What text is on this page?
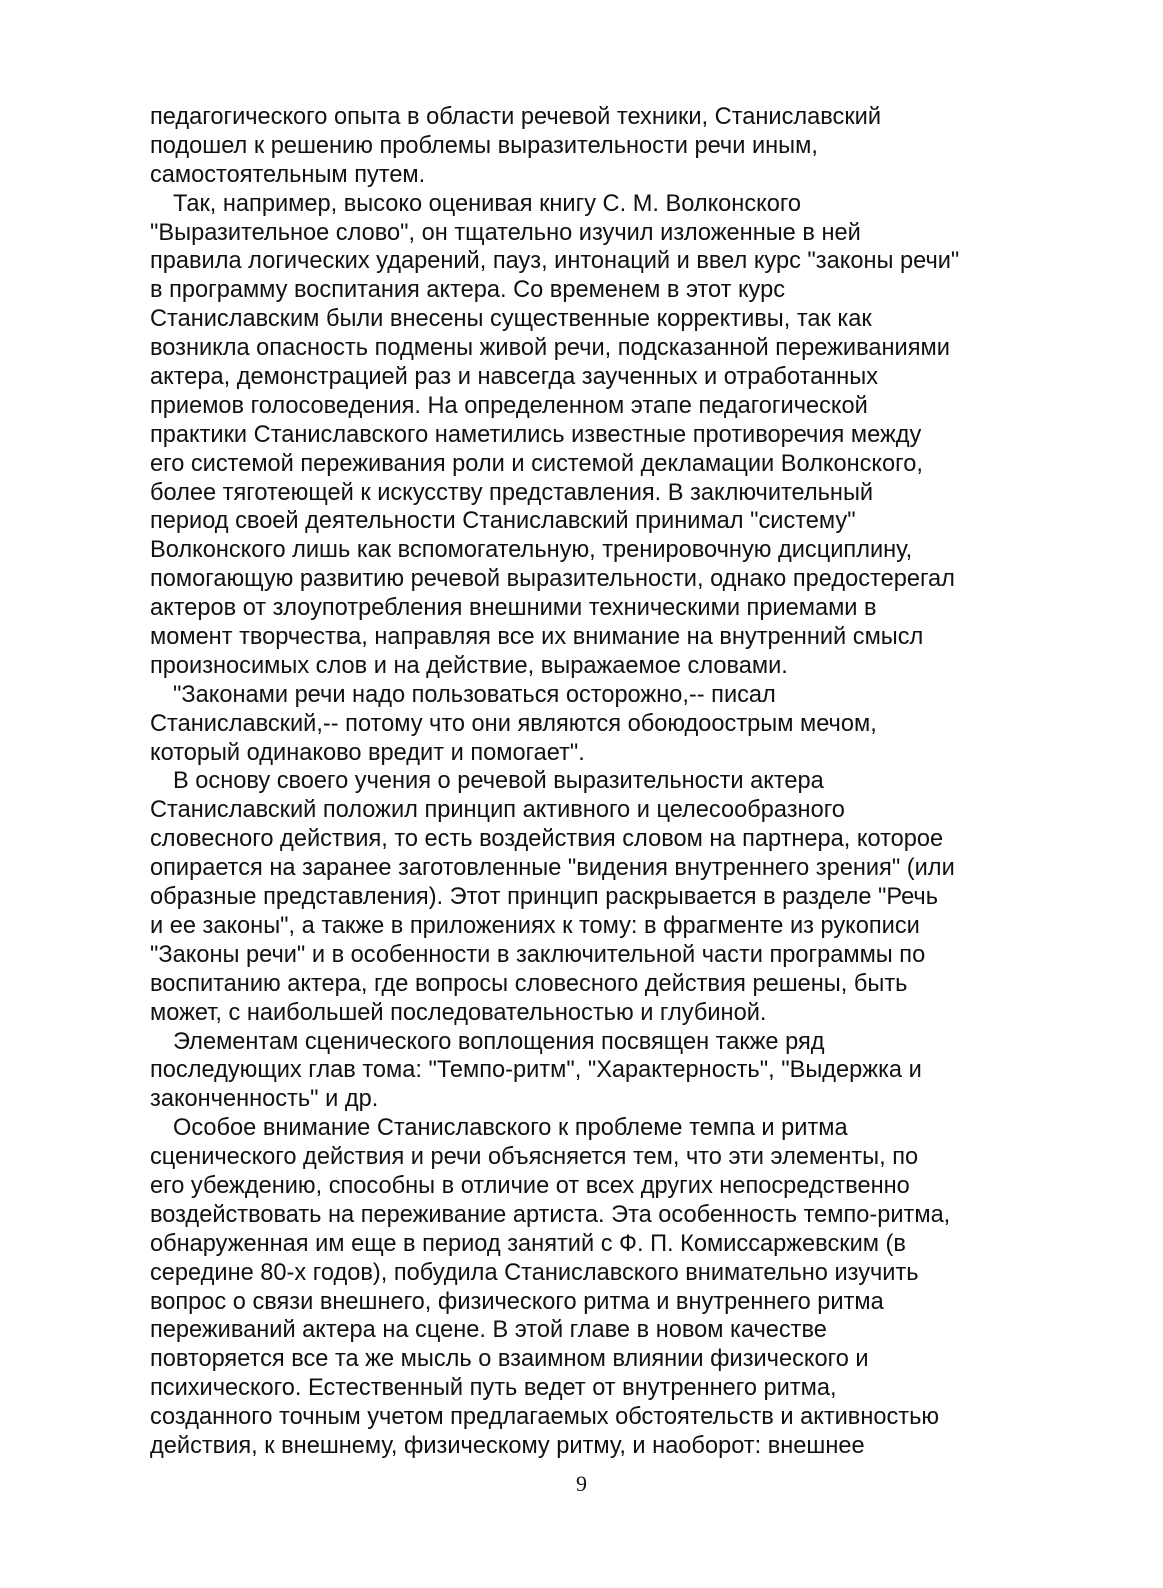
педагогического опыта в области речевой техники, Станиславский
подошел к решению проблемы выразительности речи иным,
самостоятельным путем.
Так, например, высоко оценивая книгу С. М. Волконского
"Выразительное слово", он тщательно изучил изложенные в ней
правила логических ударений, пауз, интонаций и ввел курс "законы речи"
в программу воспитания актера. Со временем в этот курс
Станиславским были внесены существенные коррективы, так как
возникла опасность подмены живой речи, подсказанной переживаниями
актера, демонстрацией раз и навсегда заученных и отработанных
приемов голосоведения. На определенном этапе педагогической
практики Станиславского наметились известные противоречия между
его системой переживания роли и системой декламации Волконского,
более тяготеющей к искусству представления. В заключительный
период своей деятельности Станиславский принимал "систему"
Волконского лишь как вспомогательную, тренировочную дисциплину,
помогающую развитию речевой выразительности, однако предостерегал
актеров от злоупотребления внешними техническими приемами в
момент творчества, направляя все их внимание на внутренний смысл
произносимых слов и на действие, выражаемое словами.
"Законами речи надо пользоваться осторожно,-- писал
Станиславский,-- потому что они являются обоюдоострым мечом,
который одинаково вредит и помогает".
В основу своего учения о речевой выразительности актера
Станиславский положил принцип активного и целесообразного
словесного действия, то есть воздействия словом на партнера, которое
опирается на заранее заготовленные "видения внутреннего зрения" (или
образные представления). Этот принцип раскрывается в разделе "Речь
и ее законы", а также в приложениях к тому: в фрагменте из рукописи
"Законы речи" и в особенности в заключительной части программы по
воспитанию актера, где вопросы словесного действия решены, быть
может, с наибольшей последовательностью и глубиной.
Элементам сценического воплощения посвящен также ряд
последующих глав тома: "Темпо-ритм", "Характерность", "Выдержка и
законченность" и др.
Особое внимание Станиславского к проблеме темпа и ритма
сценического действия и речи объясняется тем, что эти элементы, по
его убеждению, способны в отличие от всех других непосредственно
воздействовать на переживание артиста. Эта особенность темпо-ритма,
обнаруженная им еще в период занятий с Ф. П. Комиссаржевским (в
середине 80-х годов), побудила Станиславского внимательно изучить
вопрос о связи внешнего, физического ритма и внутреннего ритма
переживаний актера на сцене. В этой главе в новом качестве
повторяется все та же мысль о взаимном влиянии физического и
психического. Естественный путь ведет от внутреннего ритма,
созданного точным учетом предлагаемых обстоятельств и активностью
действия, к внешнему, физическому ритму, и наоборот: внешнее
9
